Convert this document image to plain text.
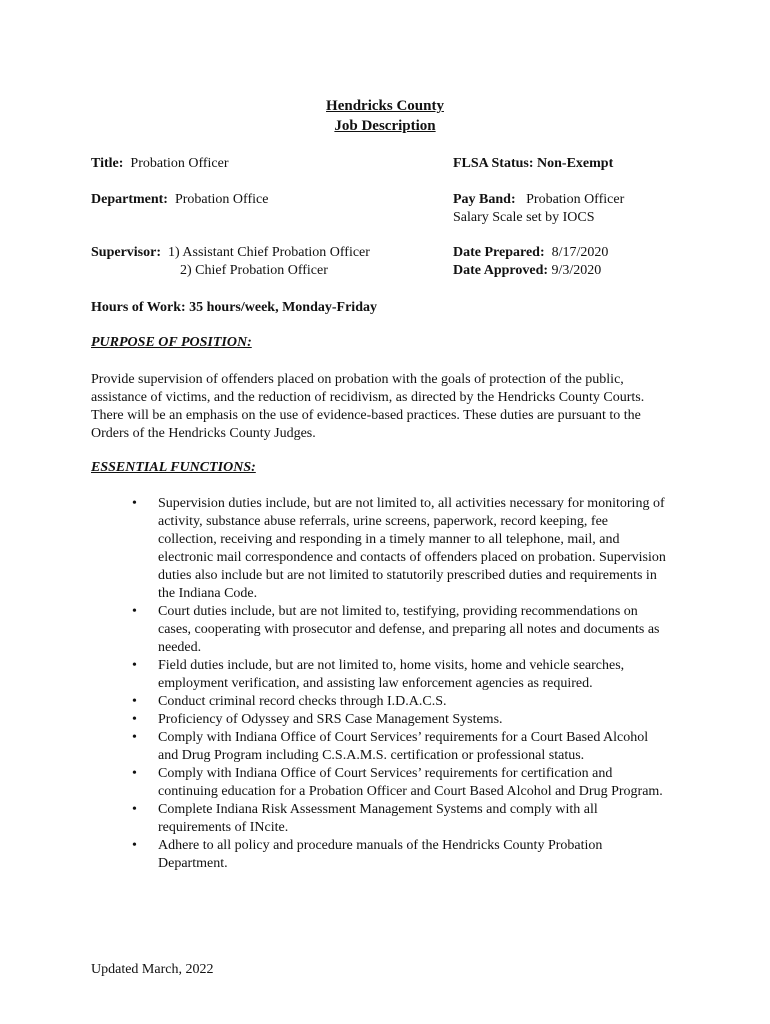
Hendricks County
Job Description
Title: Probation Officer	FLSA Status: Non-Exempt
Department: Probation Office	Pay Band: Probation Officer
Salary Scale set by IOCS
Supervisor: 1) Assistant Chief Probation Officer
2) Chief Probation Officer
Date Prepared: 8/17/2020
Date Approved: 9/3/2020
Hours of Work: 35 hours/week, Monday-Friday
PURPOSE OF POSITION:

Provide supervision of offenders placed on probation with the goals of protection of the public, assistance of victims, and the reduction of recidivism, as directed by the Hendricks County Courts. There will be an emphasis on the use of evidence-based practices. These duties are pursuant to the Orders of the Hendricks County Judges.

ESSENTIAL FUNCTIONS:
• Supervision duties include, but are not limited to, all activities necessary for monitoring of activity, substance abuse referrals, urine screens, paperwork, record keeping, fee collection, receiving and responding in a timely manner to all telephone, mail, and electronic mail correspondence and contacts of offenders placed on probation. Supervision duties also include but are not limited to statutorily prescribed duties and requirements in the Indiana Code.
• Court duties include, but are not limited to, testifying, providing recommendations on cases, cooperating with prosecutor and defense, and preparing all notes and documents as needed.
• Field duties include, but are not limited to, home visits, home and vehicle searches, employment verification, and assisting law enforcement agencies as required.
• Conduct criminal record checks through I.D.A.C.S.
• Proficiency of Odyssey and SRS Case Management Systems.
• Comply with Indiana Office of Court Services’ requirements for a Court Based Alcohol and Drug Program including C.S.A.M.S. certification or professional status.
• Comply with Indiana Office of Court Services’ requirements for certification and continuing education for a Probation Officer and Court Based Alcohol and Drug Program.
• Complete Indiana Risk Assessment Management Systems and comply with all requirements of INcite.
• Adhere to all policy and procedure manuals of the Hendricks County Probation Department.
Updated March, 2022
